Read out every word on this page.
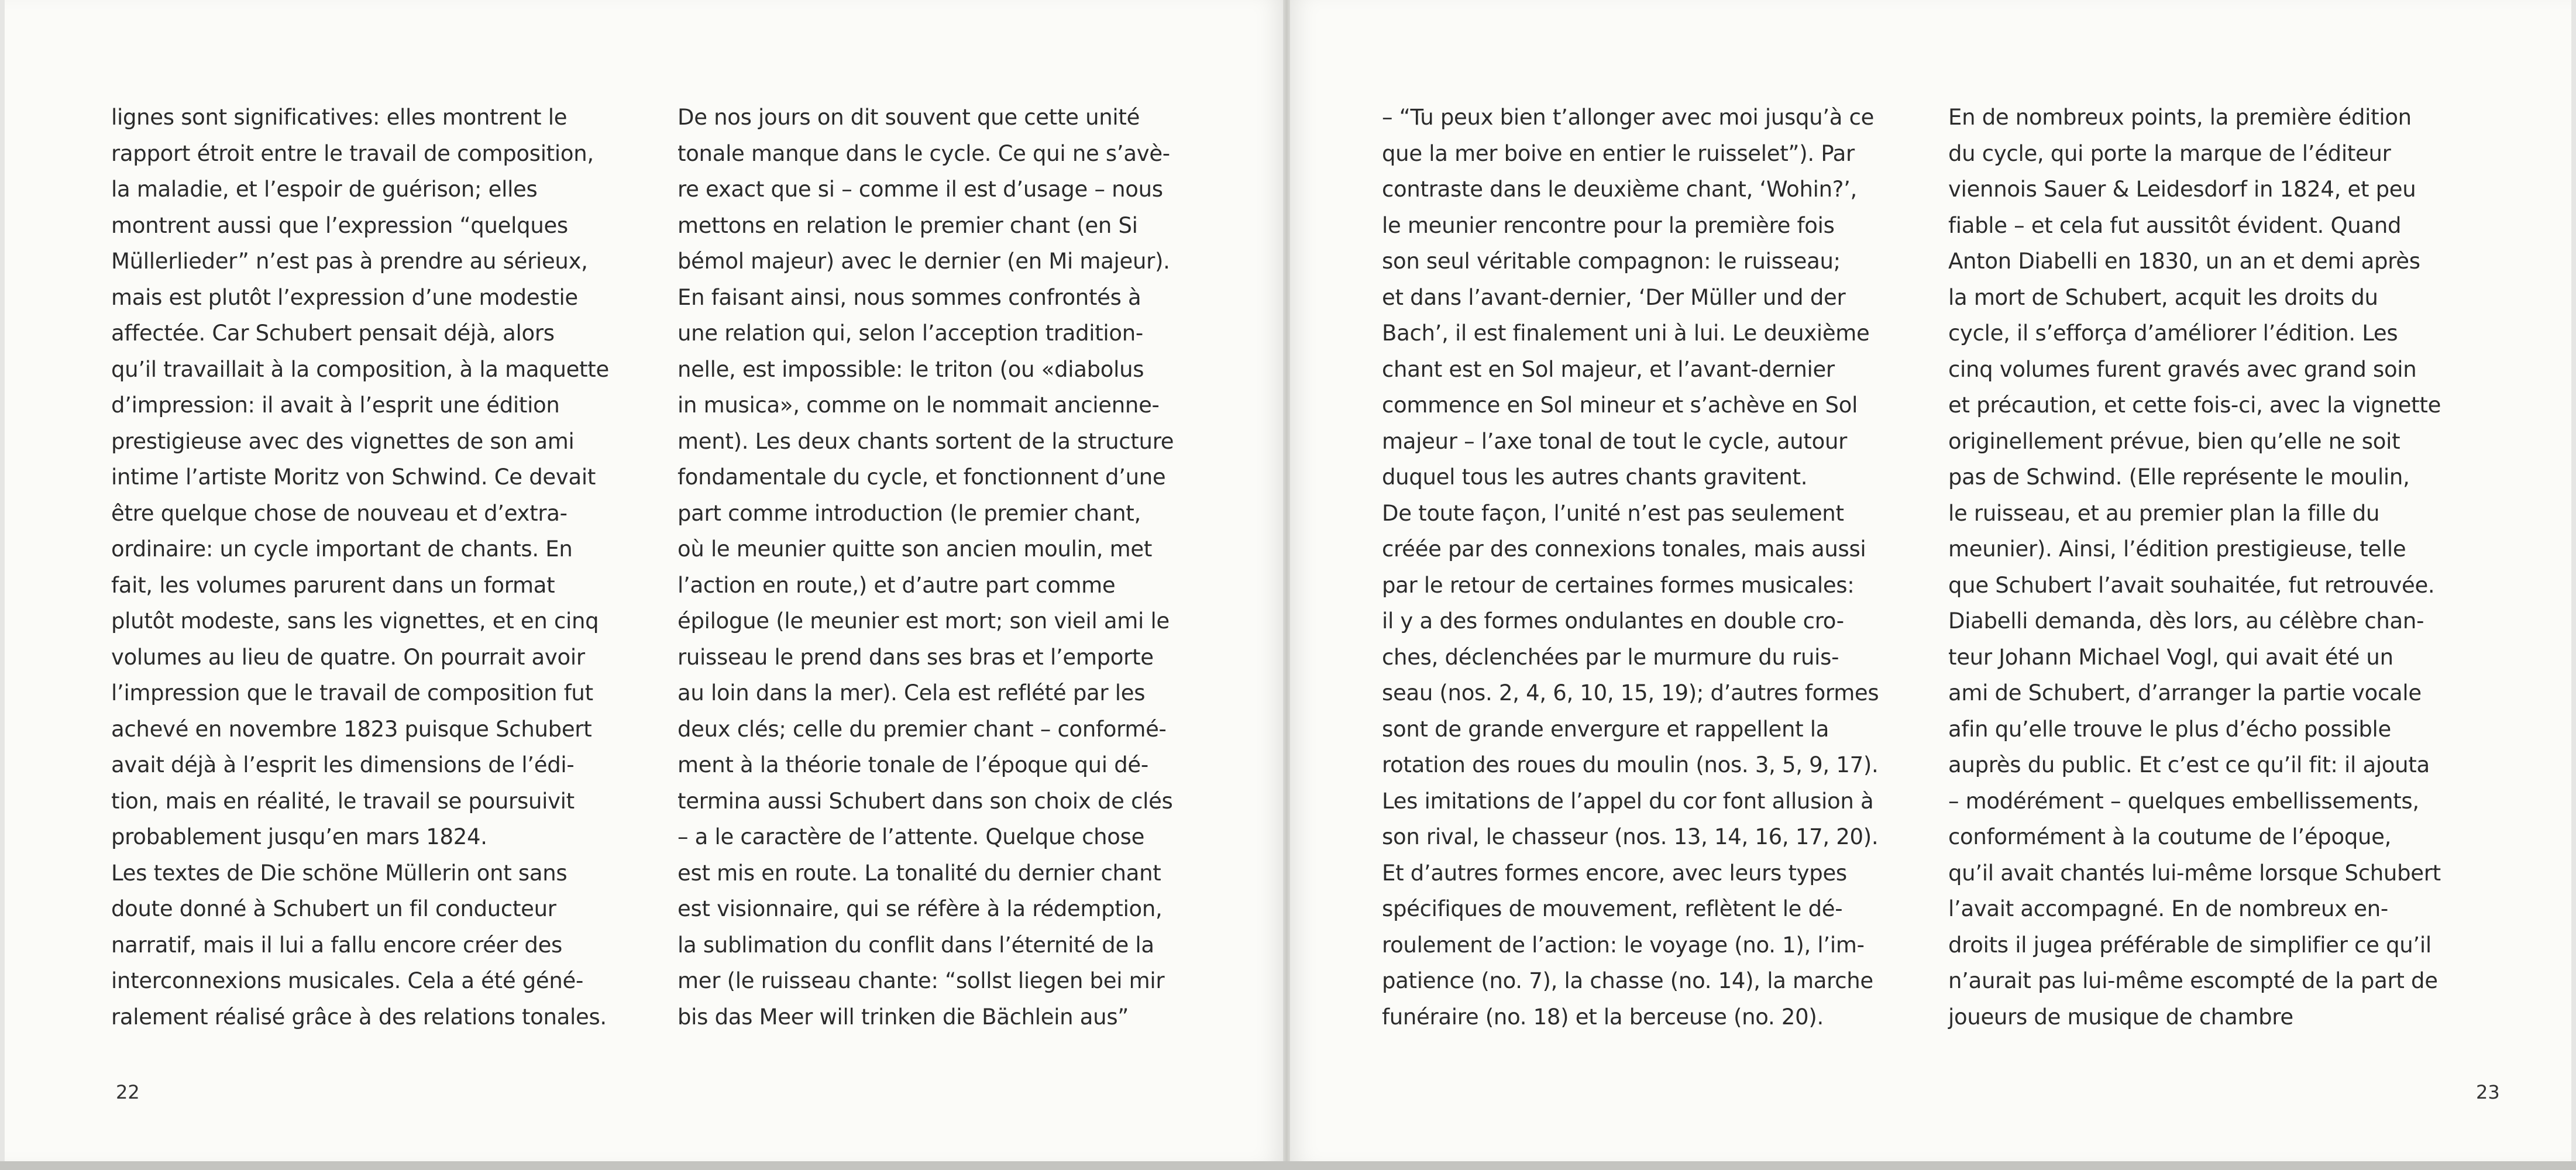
lignes sont significatives: elles montrent le
rapport étroit entre le travail de composition,
la maladie, et l’espoir de guérison; elles
montrent aussi que l’expression “quelques
Müllerlieder” n’est pas à prendre au sérieux,
mais est plutôt l’expression d’une modestie
affectée. Car Schubert pensait déjà, alors
qu’il travaillait à la composition, à la maquette
d’impression: il avait à l’esprit une édition
prestigieuse avec des vignettes de son ami
intime l’artiste Moritz von Schwind. Ce devait
être quelque chose de nouveau et d’extra-
ordinaire: un cycle important de chants. En
fait, les volumes parurent dans un format
plutôt modeste, sans les vignettes, et en cinq
volumes au lieu de quatre. On pourrait avoir
l’impression que le travail de composition fut
achevé en novembre 1823 puisque Schubert
avait déjà à l’esprit les dimensions de l’édi-
tion, mais en réalité, le travail se poursuivit
probablement jusqu’en mars 1824.
Les textes de Die schöne Müllerin ont sans
doute donné à Schubert un fil conducteur
narratif, mais il lui a fallu encore créer des
interconnexions musicales. Cela a été géné-
ralement réalisé grâce à des relations tonales.
De nos jours on dit souvent que cette unité
tonale manque dans le cycle. Ce qui ne s’avè-
re exact que si – comme il est d’usage – nous
mettons en relation le premier chant (en Si
bémol majeur) avec le dernier (en Mi majeur).
En faisant ainsi, nous sommes confrontés à
une relation qui, selon l’acception tradition-
nelle, est impossible: le triton (ou «diabolus
in musica», comme on le nommait ancienne-
ment). Les deux chants sortent de la structure
fondamentale du cycle, et fonctionnent d’une
part comme introduction (le premier chant,
où le meunier quitte son ancien moulin, met
l’action en route,) et d’autre part comme
épilogue (le meunier est mort; son vieil ami le
ruisseau le prend dans ses bras et l’emporte
au loin dans la mer). Cela est reflété par les
deux clés; celle du premier chant – conformé-
ment à la théorie tonale de l’époque qui dé-
termina aussi Schubert dans son choix de clés
– a le caractère de l’attente. Quelque chose
est mis en route. La tonalité du dernier chant
est visionnaire, qui se réfère à la rédemption,
la sublimation du conflit dans l’éternité de la
mer (le ruisseau chante: “sollst liegen bei mir
bis das Meer will trinken die Bächlein aus”
22
– “Tu peux bien t’allonger avec moi jusqu’à ce
que la mer boive en entier le ruisselet”). Par
contraste dans le deuxième chant, ‘Wohin?’,
le meunier rencontre pour la première fois
son seul véritable compagnon: le ruisseau;
et dans l’avant-dernier, ‘Der Müller und der
Bach’, il est finalement uni à lui. Le deuxième
chant est en Sol majeur, et l’avant-dernier
commence en Sol mineur et s’achève en Sol
majeur – l’axe tonal de tout le cycle, autour
duquel tous les autres chants gravitent.
De toute façon, l’unité n’est pas seulement
créée par des connexions tonales, mais aussi
par le retour de certaines formes musicales:
il y a des formes ondulantes en double cro-
ches, déclenchées par le murmure du ruis-
seau (nos. 2, 4, 6, 10, 15, 19); d’autres formes
sont de grande envergure et rappellent la
rotation des roues du moulin (nos. 3, 5, 9, 17).
Les imitations de l’appel du cor font allusion à
son rival, le chasseur (nos. 13, 14, 16, 17, 20).
Et d’autres formes encore, avec leurs types
spécifiques de mouvement, reflètent le dé-
roulement de l’action: le voyage (no. 1), l’im-
patience (no. 7), la chasse (no. 14), la marche
funéraire (no. 18) et la berceuse (no. 20).
En de nombreux points, la première édition
du cycle, qui porte la marque de l’éditeur
viennois Sauer & Leidesdorf in 1824, et peu
fiable – et cela fut aussitôt évident. Quand
Anton Diabelli en 1830, un an et demi après
la mort de Schubert, acquit les droits du
cycle, il s’efforça d’améliorer l’édition. Les
cinq volumes furent gravés avec grand soin
et précaution, et cette fois-ci, avec la vignette
originellement prévue, bien qu’elle ne soit
pas de Schwind. (Elle représente le moulin,
le ruisseau, et au premier plan la fille du
meunier). Ainsi, l’édition prestigieuse, telle
que Schubert l’avait souhaitée, fut retrouvée.
Diabelli demanda, dès lors, au célèbre chan-
teur Johann Michael Vogl, qui avait été un
ami de Schubert, d’arranger la partie vocale
afin qu’elle trouve le plus d’écho possible
auprès du public. Et c’est ce qu’il fit: il ajouta
– modérément – quelques embellissements,
conformément à la coutume de l’époque,
qu’il avait chantés lui-même lorsque Schubert
l’avait accompagné. En de nombreux en-
droits il jugea préférable de simplifier ce qu’il
n’aurait pas lui-même escompté de la part de
joueurs de musique de chambre
23
